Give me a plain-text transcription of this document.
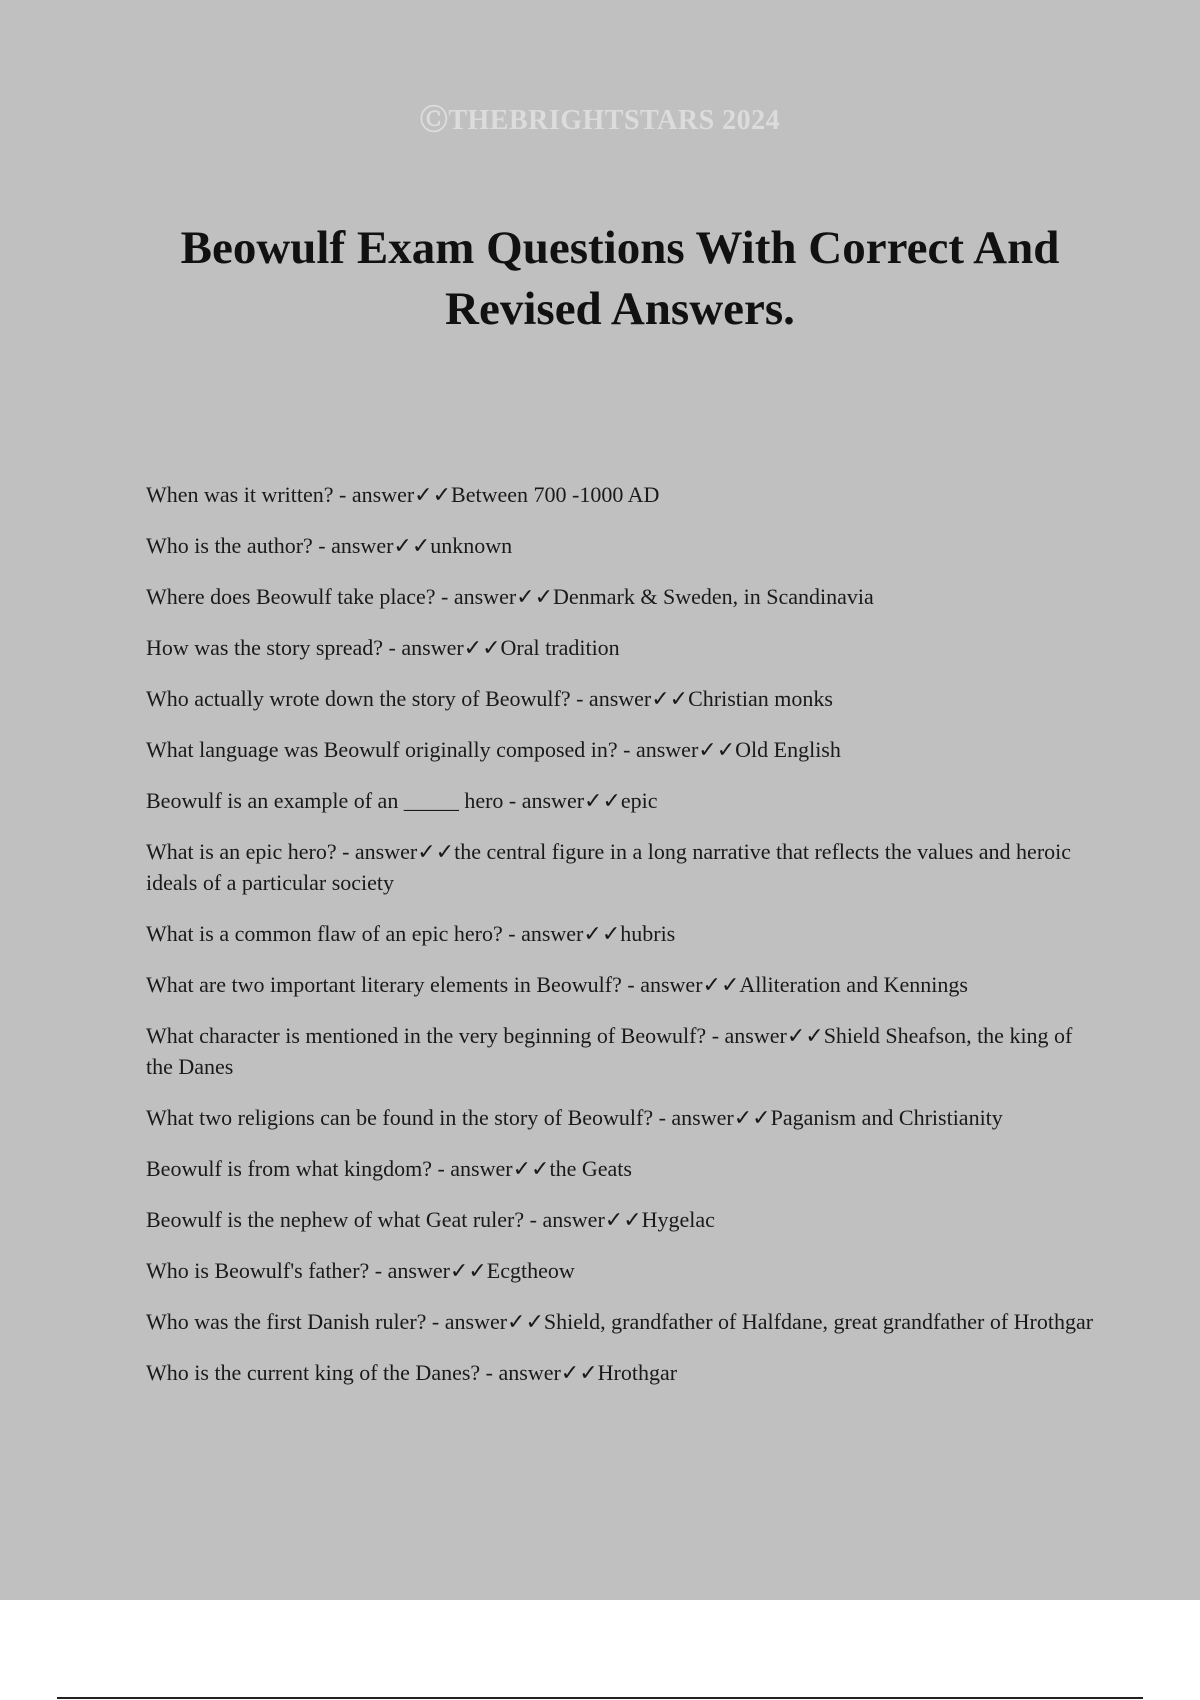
ⒸTHEBRIGHTSTARS 2024
Beowulf Exam Questions With Correct And Revised Answers.
When was it written? - answer✓✓Between 700 -1000 AD
Who is the author? - answer✓✓unknown
Where does Beowulf take place? - answer✓✓Denmark & Sweden, in Scandinavia
How was the story spread? - answer✓✓Oral tradition
Who actually wrote down the story of Beowulf? - answer✓✓Christian monks
What language was Beowulf originally composed in? - answer✓✓Old English
Beowulf is an example of an _____ hero - answer✓✓epic
What is an epic hero? - answer✓✓the central figure in a long narrative that reflects the values and heroic ideals of a particular society
What is a common flaw of an epic hero? - answer✓✓hubris
What are two important literary elements in Beowulf? - answer✓✓Alliteration and Kennings
What character is mentioned in the very beginning of Beowulf? - answer✓✓Shield Sheafson, the king of the Danes
What two religions can be found in the story of Beowulf? - answer✓✓Paganism and Christianity
Beowulf is from what kingdom? - answer✓✓the Geats
Beowulf is the nephew of what Geat ruler? - answer✓✓Hygelac
Who is Beowulf's father? - answer✓✓Ecgtheow
Who was the first Danish ruler? - answer✓✓Shield, grandfather of Halfdane, great grandfather of Hrothgar
Who is the current king of the Danes? - answer✓✓Hrothgar
